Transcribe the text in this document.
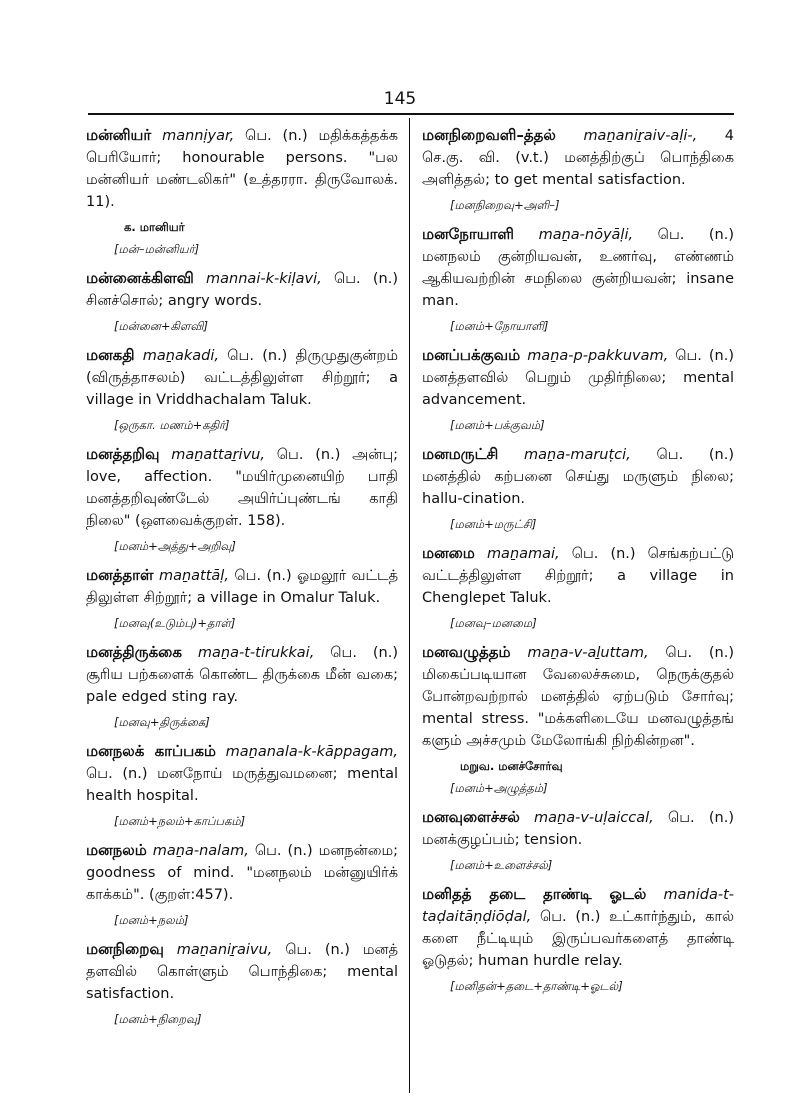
145
மன்னியர் mannịyar, பெ. (n.) மதிக்கத்தக்க பெரியோர்; honourable persons. "பல மன்னியர் மண்டலிகர்" (உத்தரரா. திருவோலக். 11).
க. மானியர்
[மன்–மன்னியர்]
மன்னைக்கிளவி mannai-k-kiḷavi, பெ. (n.) சினச்சொல்; angry words.
[மன்னை+கிளவி]
மனகதி maṉakadi, பெ. (n.) திருமுதுகுன்றம் (விருத்தாசலம்) வட்டத்திலுள்ள சிற்றூர்; a village in Vriddhachalam Taluk.
[ஒருகா. மணம்+கதிர்]
மனத்தறிவு maṉattaṟivu, பெ. (n.) அன்பு; love, affection. "மயிர்முனையிற் பாதி மனத்தறிவுண்டேல் அயிர்ப்புண்டங் காதி நிலை" (ஔவைக்குறள். 158).
[மனம்+அத்து+அறிவு]
மனத்தாள் maṉattāḷ, பெ. (n.) ஓமலூர் வட்டத் திலுள்ள சிற்றூர்; a village in Omalur Taluk.
[மனவு(உடும்பு)+தாள்]
மனத்திருக்கை maṉa-t-tirukkai, பெ. (n.) சூரிய பற்களைக் கொண்ட திருக்கை மீன் வகை; pale edged sting ray.
[மனவு+திருக்கை]
மனநலக் காப்பகம் maṉanala-k-kāppagam, பெ. (n.) மனநோய் மருத்துவமனை; mental health hospital.
[மனம்+நலம்+காப்பகம்]
மனநலம் maṉa-nalam, பெ. (n.) மனநன்மை; goodness of mind. "மனநலம் மன்னுயிர்க் காக்கம்". (குறள்:457).
[மனம்+நலம்]
மனநிறைவு maṉaniṟaivu, பெ. (n.) மனத் தளவில் கொள்ளும் பொந்திகை; mental satisfaction.
[மனம்+நிறைவு]
மனநிறைவளி–த்தல் maṉaniṟaiv-aḷi-, 4 செ.கு. வி. (v.t.) மனத்திற்குப் பொந்திகை அளித்தல்; to get mental satisfaction.
[மனநிறைவு+அளி–]
மனநோயாளி maṉa-nōyāḷi, பெ. (n.) மனநலம் குன்றியவன், உணர்வு, எண்ணம் ஆகியவற்றின் சமநிலை குன்றியவன்; insane man.
[மனம்+நோயாளி]
மனப்பக்குவம் maṉa-p-pakkuvam, பெ. (n.) மனத்தளவில் பெறும் முதிர்நிலை; mental advancement.
[மனம்+பக்குவம்]
மனமருட்சி maṉa-maruṭci, பெ. (n.) மனத்தில் கற்பனை செய்து மருளும் நிலை; hallu-cination.
[மனம்+மருட்சி]
மனமை maṉamai, பெ. (n.) செங்கற்பட்டு வட்டத்திலுள்ள சிற்றூர்; a village in Chenglepet Taluk.
[மனவு–மனமை]
மனவழுத்தம் maṉa-v-aḻuttam, பெ. (n.) மிகைப்படியான வேலைச்சுமை, நெருக்குதல் போன்றவற்றால் மனத்தில் ஏற்படும் சோர்வு; mental stress. "மக்களிடையே மனவழுத்தங் களும் அச்சமும் மேலோங்கி நிற்கின்றன".
மறுவ. மனச்சோர்வு
[மனம்+அழுத்தம்]
மனவுளைச்சல் maṉa-v-uḷaiccal, பெ. (n.) மனக்குழப்பம்; tension.
[மனம்+உளைச்சல்]
மனிதத் தடை தாண்டி ஓடல் manida-t-taḍaitāṇḍiōḍal, பெ. (n.) உட்கார்ந்தும், கால் களை நீட்டியும் இருப்பவர்களைத் தாண்டி ஓடுதல்; human hurdle relay.
[மனிதன்+தடை+தாண்டி+ஓடல்]
